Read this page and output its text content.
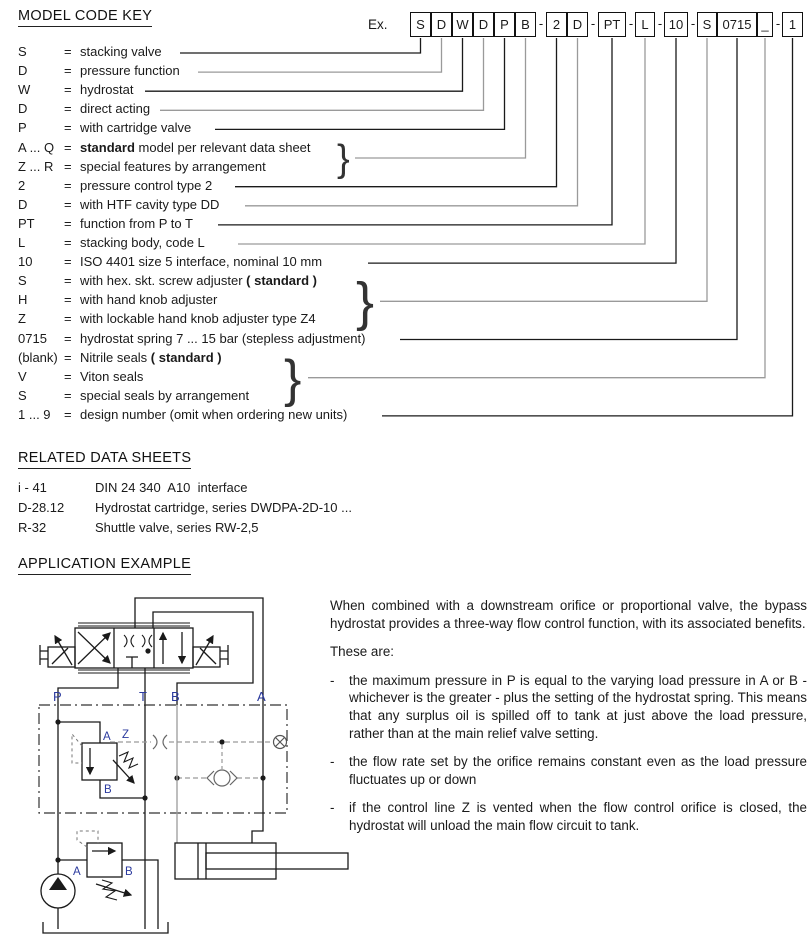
MODEL CODE KEY
Ex.	S D W D P B	2 D	PT	L	10	S 0715 _	1
-	-	- - -	-
S	= stacking valve
D	= pressure function
W	= hydrostat
D	= direct acting
P	= with cartridge valve
A ... Q = standard model per relevant data sheet
Z ... R = special features by arrangement
2	= pressure control type 2
D	= with HTF cavity type DD
PT = function from P to T
L	= stacking body, code L
10 = ISO 4401 size 5 interface, nominal 10 mm
S	= with hex. skt. screw adjuster ( standard )
H	= with hand knob adjuster
Z	= with lockable hand knob adjuster type Z4
0715 = hydrostat spring 7 ... 15 bar (stepless adjustment)
(blank) = Nitrile seals ( standard )
V	= Viton seals
S	= special seals by arrangement
1 ... 9 = design number (omit when ordering new units)
}
}
}
RELATED DATA SHEETS
i - 41	DIN 24 340  A10  interface
D-28.12 Hydrostat cartridge, series DWDPA-2D-10 ...
R-32	Shuttle valve, series RW-2,5
APPLICATION EXAMPLE
P	T B	A
A Z
B
A	B

When combined with a downstream orifice or proportional valve, the bypass hydrostat provides a three-way flow control function, with its associated benefits.

These are:

-	the maximum pressure in P is equal to the varying load pressure in A or B - whichever is the greater - plus the setting of the hydrostat spring. This means that any surplus oil is spilled off to tank at just above the load pressure, rather than at the main relief valve setting.
-	the flow rate set by the orifice remains constant even as the load pressure fluctuates up or down
-	if the control line Z is vented when the flow control orifice is closed, the hydrostat will unload the main flow circuit to tank.
